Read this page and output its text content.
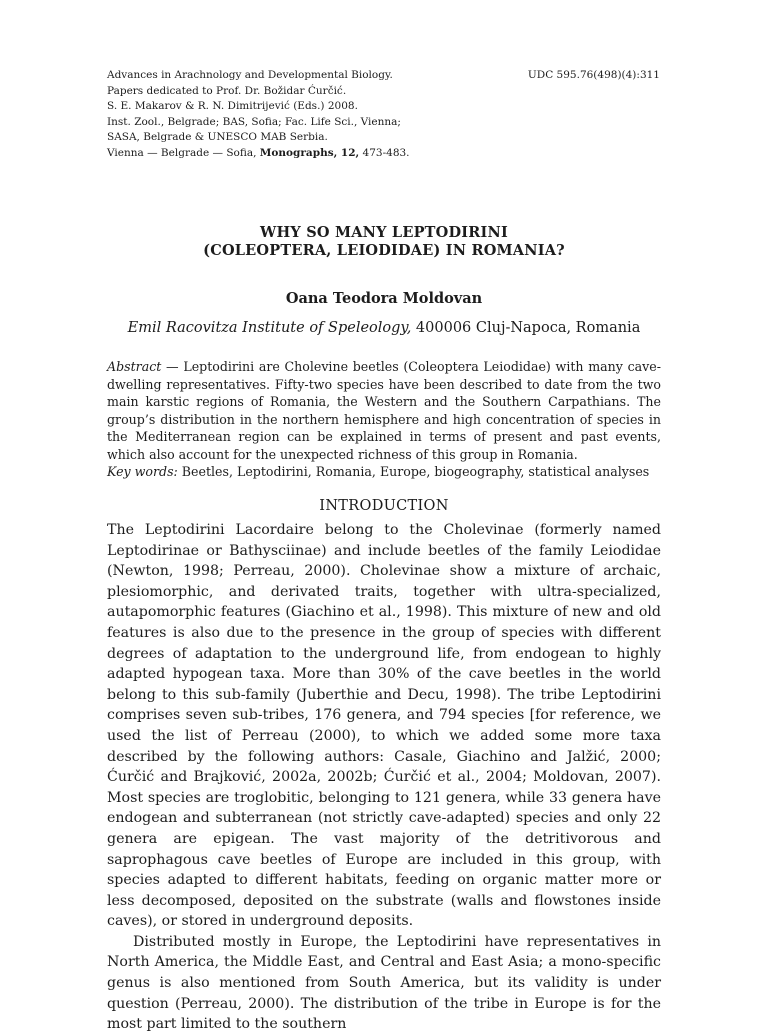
Advances in Arachnology and Developmental Biology.
Papers dedicated to Prof. Dr. Božidar Ćurčić.
S. E. Makarov & R. N. Dimitrijević (Eds.) 2008.
Inst. Zool., Belgrade; BAS, Sofia; Fac. Life Sci., Vienna;
SASA, Belgrade & UNESCO MAB Serbia.
Vienna — Belgrade — Sofia, Monographs, 12, 473-483.
UDC 595.76(498)(4):311
WHY SO MANY LEPTODIRINI
(COLEOPTERA, LEIODIDAE) IN ROMANIA?
Oana Teodora Moldovan
Emil Racovitza Institute of Speleology, 400006 Cluj-Napoca, Romania
Abstract — Leptodirini are Cholevine beetles (Coleoptera Leiodidae) with many cave-dwelling representatives. Fifty-two species have been described to date from the two main karstic regions of Romania, the Western and the Southern Carpathians. The group’s distribution in the northern hemisphere and high concentration of species in the Mediterranean region can be explained in terms of present and past events, which also account for the unexpected richness of this group in Romania.
Key words: Beetles, Leptodirini, Romania, Europe, biogeography, statistical analyses
INTRODUCTION

The Leptodirini Lacordaire belong to the Cholevinae (formerly named Leptodirinae or Bathysciinae) and include beetles of the family Leiodidae (Newton, 1998; Perreau, 2000). Cholevinae show a mixture of archaic, plesiomorphic, and derivated traits, together with ultra-specialized, autapomorphic features (Giachino et al., 1998). This mixture of new and old features is also due to the presence in the group of species with different degrees of adaptation to the underground life, from endogean to highly adapted hypogean taxa. More than 30% of the cave beetles in the world belong to this sub-family (Juberthie and Decu, 1998). The tribe Leptodirini comprises seven sub-tribes, 176 genera, and 794 species [for reference, we used the list of Perreau (2000), to which we added some more taxa described by the following authors: Casale, Giachino and Jalžić, 2000; Ćurčić and Brajković, 2002a, 2002b; Ćurčić et al., 2004; Moldovan, 2007). Most species are troglobitic, belonging to 121 genera, while 33 genera have endogean and subterranean (not strictly cave-adapted) species and only 22 genera are epigean. The vast majority of the detritivorous and saprophagous cave beetles of Europe are included in this group, with species adapted to different habitats, feeding on organic matter more or less decomposed, deposited on the substrate (walls and flowstones inside caves), or stored in underground deposits.

Distributed mostly in Europe, the Leptodirini have representatives in North America, the Middle East, and Central and East Asia; a mono-specific genus is also mentioned from South America, but its validity is under question (Perreau, 2000). The distribution of the tribe in Europe is for the most part limited to the southern
